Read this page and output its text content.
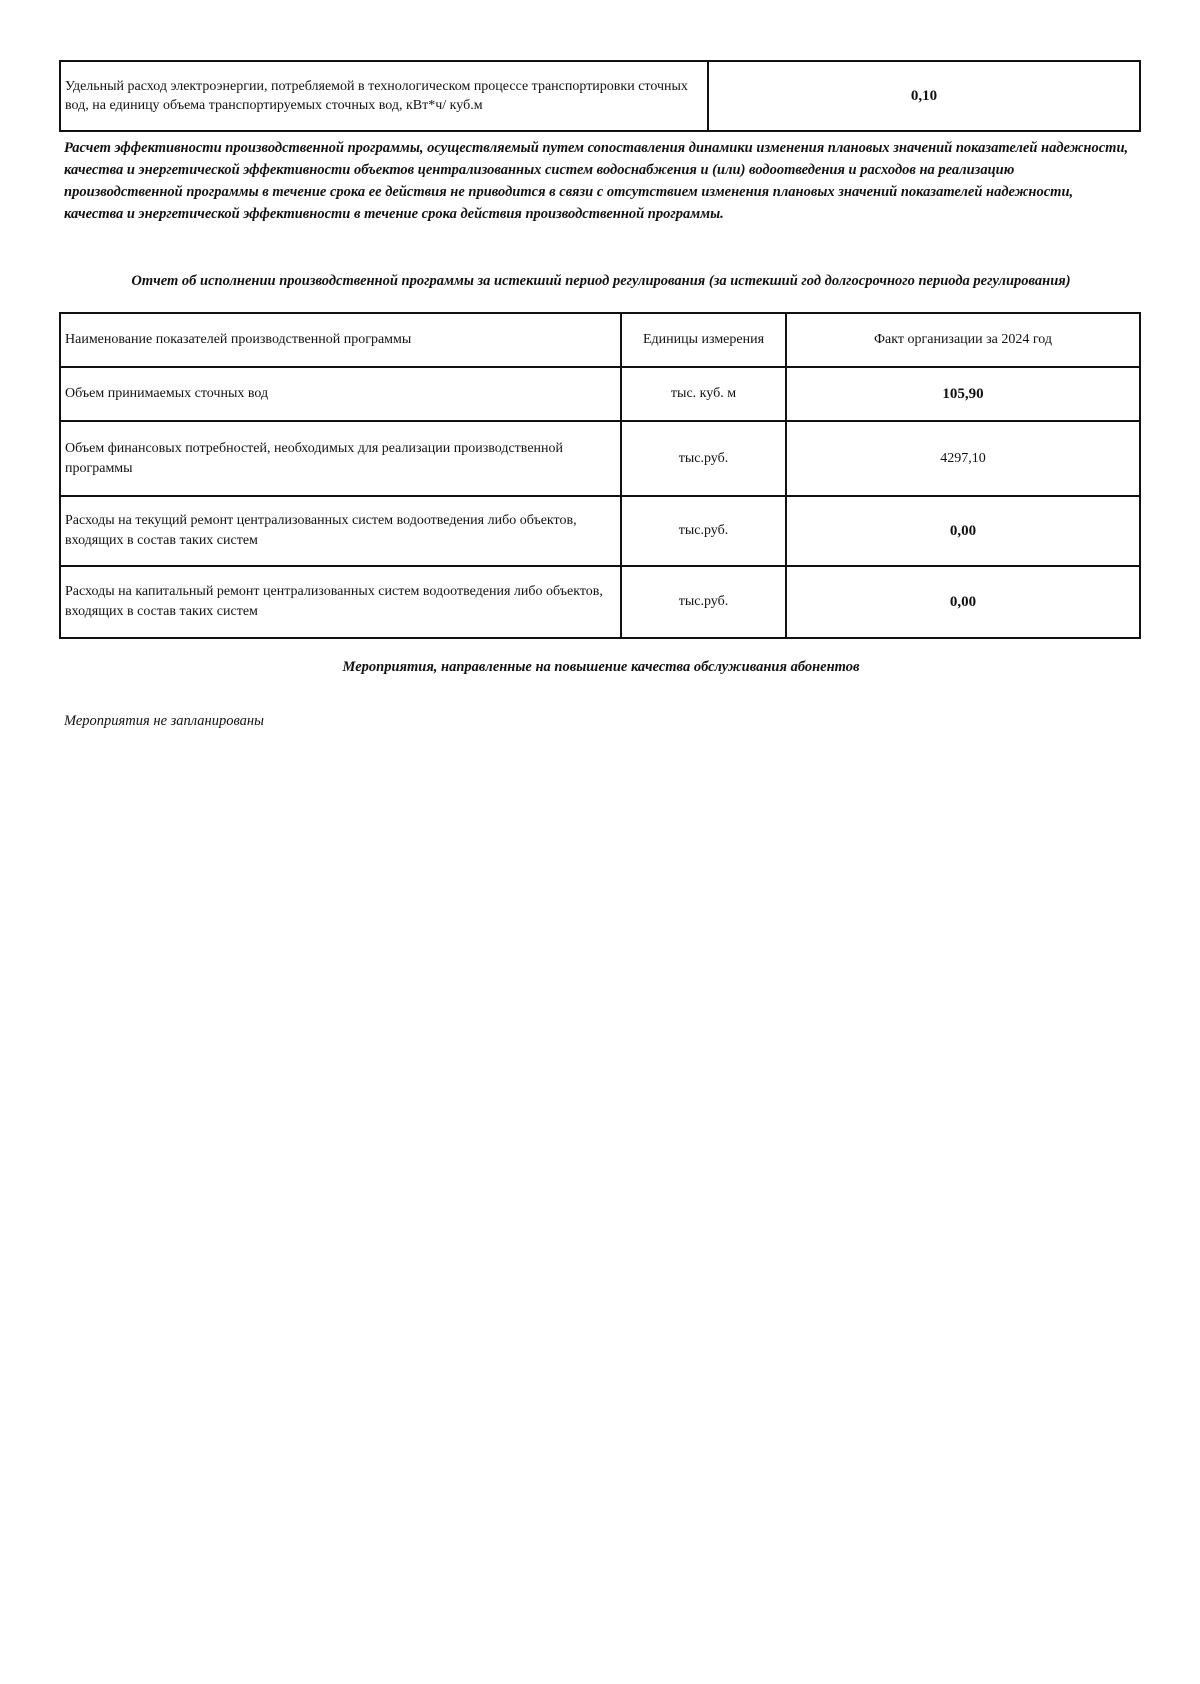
Удельный расход электроэнергии, потребляемой в технологическом процессе транспортировки сточных вод, на единицу объема транспортируемых сточных вод, кВт*ч/ куб.м	0,10

Расчет эффективности производственной программы, осуществляемый путем сопоставления динамики изменения плановых значений показателей надежности, качества и энергетической эффективности объектов централизованных систем водоснабжения и (или) водоотведения и расходов на реализацию производственной программы в течение срока ее действия не приводится в связи с отсутствием изменения плановых значений показателей надежности, качества и энергетической эффективности в течение срока действия производственной программы.

Отчет об исполнении производственной программы за истекший период регулирования (за истекший год долгосрочного периода регулирования)

Наименование показателей производственной программы	Единицы измерения	Факт организации за 2024 год
Объем принимаемых сточных вод	тыс. куб. м	105,90
Объем финансовых потребностей, необходимых для реализации производственной программы	тыс.руб.	4297,10
Расходы на текущий ремонт централизованных систем водоотведения либо объектов, входящих в состав таких систем	тыс.руб.	0,00
Расходы на капитальный ремонт централизованных систем водоотведения либо объектов, входящих в состав таких систем	тыс.руб.	0,00

Мероприятия, направленные на повышение качества обслуживания абонентов

Мероприятия не запланированы
